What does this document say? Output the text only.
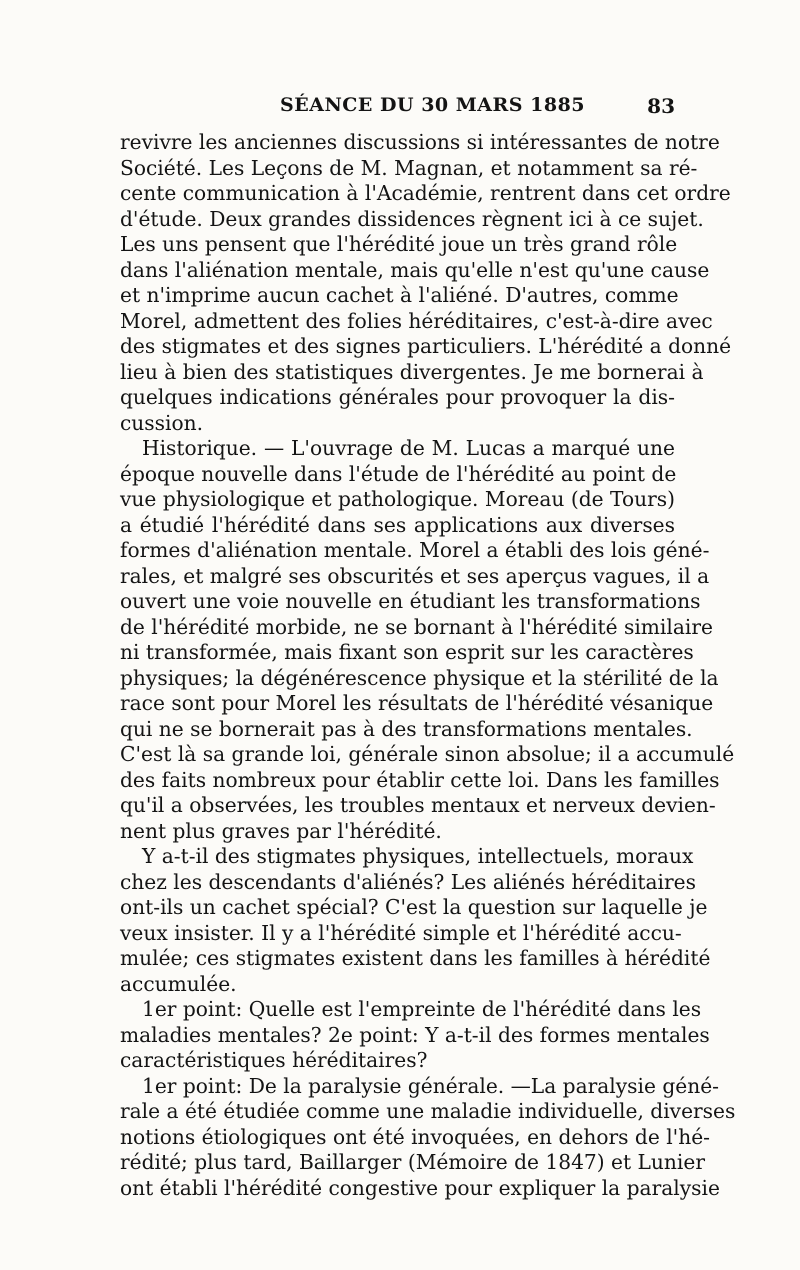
SÉANCE DU 30 MARS 1885	83
revivre les anciennes discussions si intéressantes de notre
Société. Les Leçons de M. Magnan, et notamment sa ré-
cente communication à l'Académie, rentrent dans cet ordre
d'étude. Deux grandes dissidences règnent ici à ce sujet.
Les uns pensent que l'hérédité joue un très grand rôle
dans l'aliénation mentale, mais qu'elle n'est qu'une cause
et n'imprime aucun cachet à l'aliéné. D'autres, comme
Morel, admettent des folies héréditaires, c'est-à-dire avec
des stigmates et des signes particuliers. L'hérédité a donné
lieu à bien des statistiques divergentes. Je me bornerai à
quelques indications générales pour provoquer la dis-
cussion.
Historique. — L'ouvrage de M. Lucas a marqué une
époque nouvelle dans l'étude de l'hérédité au point de
vue physiologique et pathologique. Moreau (de Tours)
a étudié l'hérédité dans ses applications aux diverses
formes d'aliénation mentale. Morel a établi des lois géné-
rales, et malgré ses obscurités et ses aperçus vagues, il a
ouvert une voie nouvelle en étudiant les transformations
de l'hérédité morbide, ne se bornant à l'hérédité similaire
ni transformée, mais fixant son esprit sur les caractères
physiques; la dégénérescence physique et la stérilité de la
race sont pour Morel les résultats de l'hérédité vésanique
qui ne se bornerait pas à des transformations mentales.
C'est là sa grande loi, générale sinon absolue; il a accumulé
des faits nombreux pour établir cette loi. Dans les familles
qu'il a observées, les troubles mentaux et nerveux devien-
nent plus graves par l'hérédité.
Y a-t-il des stigmates physiques, intellectuels, moraux
chez les descendants d'aliénés? Les aliénés héréditaires
ont-ils un cachet spécial? C'est la question sur laquelle je
veux insister. Il y a l'hérédité simple et l'hérédité accu-
mulée; ces stigmates existent dans les familles à hérédité
accumulée.
1er point: Quelle est l'empreinte de l'hérédité dans les
maladies mentales? 2e point: Y a-t-il des formes mentales
caractéristiques héréditaires?
1er point: De la paralysie générale. —La paralysie géné-
rale a été étudiée comme une maladie individuelle, diverses
notions étiologiques ont été invoquées, en dehors de l'hé-
rédité; plus tard, Baillarger (Mémoire de 1847) et Lunier
ont établi l'hérédité congestive pour expliquer la paralysie
